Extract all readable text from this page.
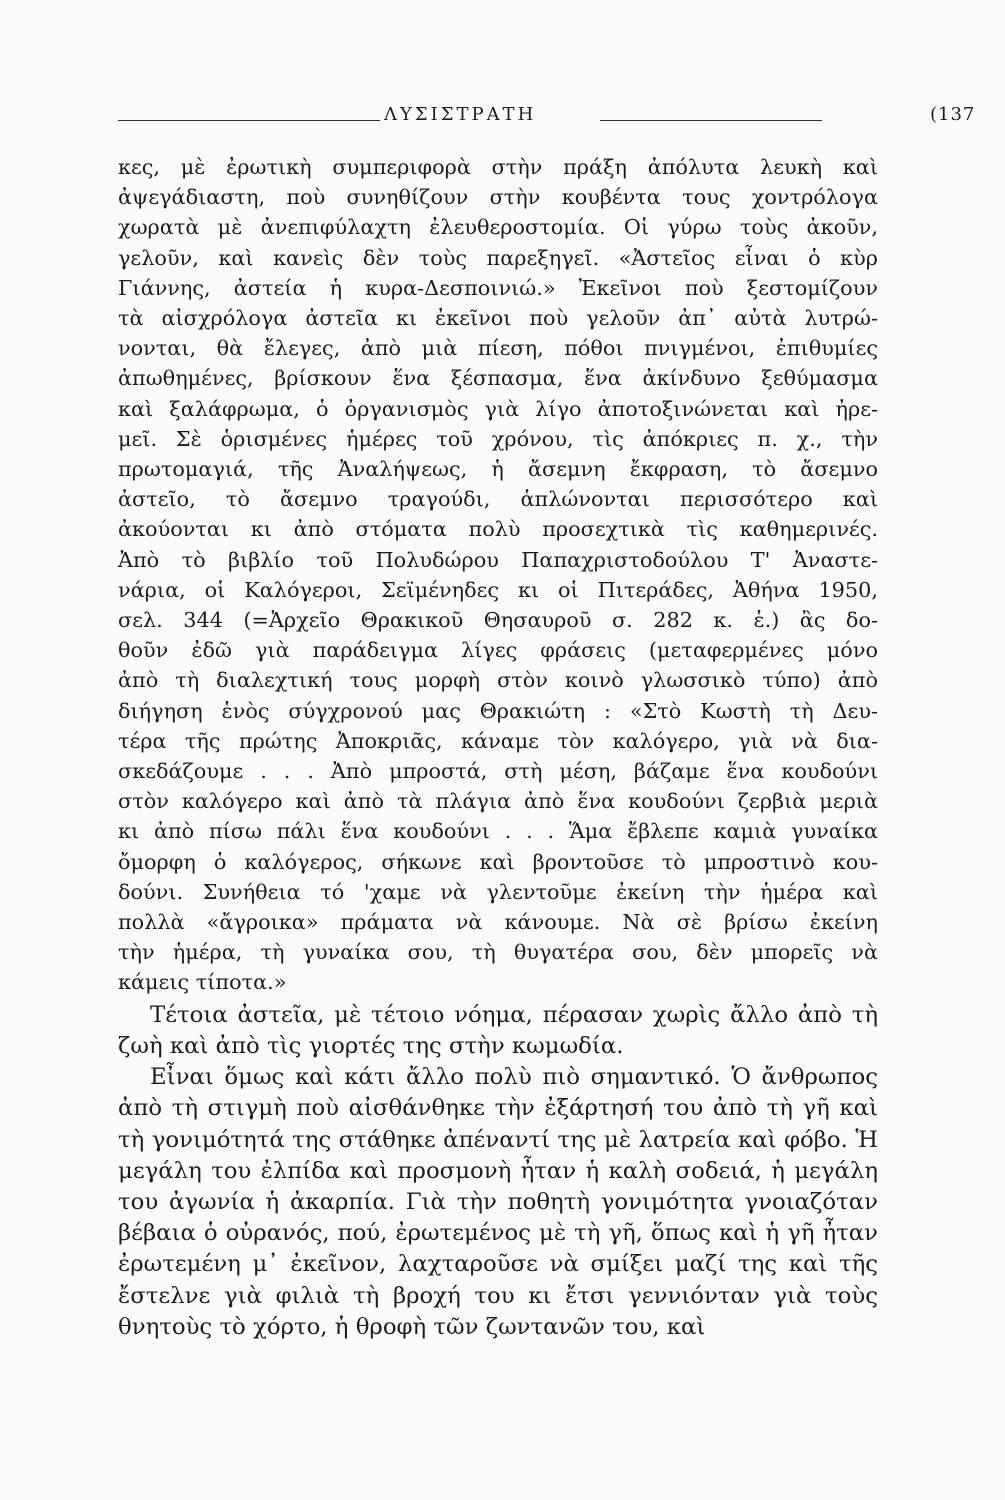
ΛΥΣΙΣΤΡΑΤΗ	(137

κες, μὲ ἐρωτικὴ συμπεριφορὰ στὴν πράξη ἀπόλυτα λευκὴ καὶ

ἀψεγάδιαστη, ποὺ συνηθίζουν στὴν κουβέντα τους χοντρόλογα

χωρατὰ μὲ ἀνεπιφύλαχτη ἐλευθεροστομία. Οἱ γύρω τοὺς ἀκοῦν,

γελοῦν, καὶ κανεὶς δὲν τοὺς παρεξηγεῖ. «Ἀστεῖος εἶναι ὁ κὺρ

Γιάννης, ἀστεία ἡ κυρα-Δεσποινιώ.» Ἐκεῖνοι ποὺ ξεστομίζουν

τὰ αἰσχρόλογα ἀστεῖα κι ἐκεῖνοι ποὺ γελοῦν ἀπ᾿ αὐτὰ λυτρώ-

νονται, θὰ ἔλεγες, ἀπὸ μιὰ πίεση, πόθοι πνιγμένοι, ἐπιθυμίες

ἀπωθημένες, βρίσκουν ἕνα ξέσπασμα, ἕνα ἀκίνδυνο ξεθύμασμα

καὶ ξαλάφρωμα, ὁ ὀργανισμὸς γιὰ λίγο ἀποτοξινώνεται καὶ ἠρε-

μεῖ. Σὲ ὁρισμένες ἡμέρες τοῦ χρόνου, τὶς ἀπόκριες π. χ., τὴν

πρωτομαγιά, τῆς Ἀναλήψεως, ἡ ἄσεμνη ἔκφραση, τὸ ἄσεμνο

ἀστεῖο, τὸ ἄσεμνο τραγούδι, ἁπλώνονται περισσότερο καὶ

ἀκούονται κι ἀπὸ στόματα πολὺ προσεχτικὰ τὶς καθημερινές.

Ἀπὸ τὸ βιβλίο τοῦ Πολυδώρου Παπαχριστοδούλου Τ' Ἀναστε-

νάρια, οἱ Καλόγεροι, Σεϊμένηδες κι οἱ Πιτεράδες, Ἀθήνα 1950,

σελ. 344 (=Ἀρχεῖο Θρακικοῦ Θησαυροῦ σ. 282 κ. ἑ.) ἂς δο-

θοῦν ἐδῶ γιὰ παράδειγμα λίγες φράσεις (μεταφερμένες μόνο

ἀπὸ τὴ διαλεχτική τους μορφὴ στὸν κοινὸ γλωσσικὸ τύπο) ἀπὸ

διήγηση ἑνὸς σύγχρονού μας Θρακιώτη : «Στὸ Κωστὴ τὴ Δευ-

τέρα τῆς πρώτης Ἀποκριᾶς, κάναμε τὸν καλόγερο, γιὰ νὰ δια-

σκεδάζουμε . . . Ἀπὸ μπροστά, στὴ μέση, βάζαμε ἕνα κουδούνι

στὸν καλόγερο καὶ ἀπὸ τὰ πλάγια ἀπὸ ἕνα κουδούνι ζερβιὰ μεριὰ

κι ἀπὸ πίσω πάλι ἕνα κουδούνι . . . Ἅμα ἔβλεπε καμιὰ γυναίκα

ὄμορφη ὁ καλόγερος, σήκωνε καὶ βροντοῦσε τὸ μπροστινὸ κου-

δούνι. Συνήθεια τό 'χαμε νὰ γλεντοῦμε ἐκείνη τὴν ἡμέρα καὶ

πολλὰ «ἄγροικα» πράματα νὰ κάνουμε. Νὰ σὲ βρίσω ἐκείνη

τὴν ἡμέρα, τὴ γυναίκα σου, τὴ θυγατέρα σου, δὲν μπορεῖς νὰ

κάμεις τίποτα.»

Τέτοια ἀστεῖα, μὲ τέτοιο νόημα, πέρασαν χωρὶς ἄλλο ἀπὸ τὴ ζωὴ καὶ ἀπὸ τὶς γιορτές της στὴν κωμωδία.

Εἶναι ὅμως καὶ κάτι ἄλλο πολὺ πιὸ σημαντικό. Ὁ ἄνθρωπος ἀπὸ τὴ στιγμὴ ποὺ αἰσθάνθηκε τὴν ἐξάρτησή του ἀπὸ τὴ γῆ καὶ τὴ γονιμότητά της στάθηκε ἀπέναντί της μὲ λατρεία καὶ φόβο. Ἡ μεγάλη του ἐλπίδα καὶ προσμονὴ ἦταν ἡ καλὴ σοδειά, ἡ μεγάλη του ἀγωνία ἡ ἀκαρπία. Γιὰ τὴν ποθητὴ γονιμότητα γνοιαζόταν βέβαια ὁ οὐρανός, πού, ἐρωτεμένος μὲ τὴ γῆ, ὅπως καὶ ἡ γῆ ἦταν ἐρωτεμένη μ᾿ ἐκεῖνον, λαχταροῦσε νὰ σμίξει μαζί της καὶ τῆς ἔστελνε γιὰ φιλιὰ τὴ βροχή του κι ἔτσι γεννιόνταν γιὰ τοὺς θνητοὺς τὸ χόρτο, ἡ θροφὴ τῶν ζωντανῶν του, καὶ
